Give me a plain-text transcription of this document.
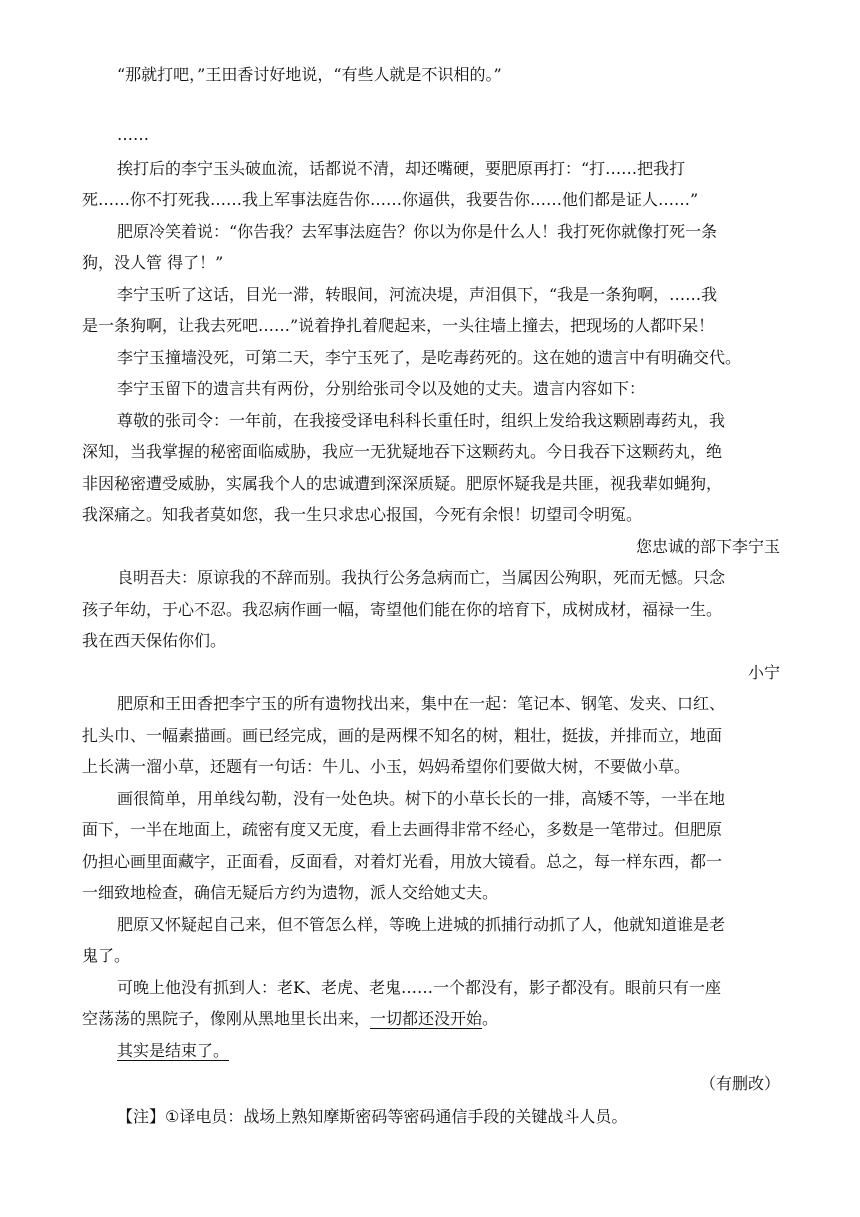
“那就打吧，”王田香讨好地说，“有些人就是不识相的。”
……
挨打后的李宁玉头破血流，话都说不清，却还嘴硬，要肥原再打：“打……把我打
死……你不打死我……我上军事法庭告你……你逼供，我要告你……他们都是证人……”
肥原冷笑着说：“你告我？去军事法庭告？你以为你是什么人！我打死你就像打死一条
狗，没人管 得了！”
李宁玉听了这话，目光一滞，转眼间，河流决堤，声泪俱下，“我是一条狗啊，……我
是一条狗啊，让我去死吧……”说着挣扎着爬起来，一头往墙上撞去，把现场的人都吓呆！
李宁玉撞墙没死，可第二天，李宁玉死了，是吃毒药死的。这在她的遗言中有明确交代。
李宁玉留下的遗言共有两份，分别给张司令以及她的丈夫。遗言内容如下：
尊敬的张司令：一年前，在我接受译电科科长重任时，组织上发给我这颗剧毒药丸，我
深知，当我掌握的秘密面临威胁，我应一无犹疑地吞下这颗药丸。今日我吞下这颗药丸，绝
非因秘密遭受威胁，实属我个人的忠诚遭到深深质疑。肥原怀疑我是共匪，视我辈如蝇狗，
我深痛之。知我者莫如您，我一生只求忠心报国，今死有余恨！切望司令明冤。
您忠诚的部下李宁玉
良明吾夫：原谅我的不辞而别。我执行公务急病而亡，当属因公殉职，死而无憾。只念
孩子年幼，于心不忍。我忍病作画一幅，寄望他们能在你的培育下，成树成材，福禄一生。
我在西天保佑你们。
小宁
肥原和王田香把李宁玉的所有遗物找出来，集中在一起：笔记本、钢笔、发夹、口红、
扎头巾、一幅素描画。画已经完成，画的是两棵不知名的树，粗壮，挺拔，并排而立，地面
上长满一溜小草，还题有一句话：牛儿、小玉，妈妈希望你们要做大树，不要做小草。
画很简单，用单线勾勒，没有一处色块。树下的小草长长的一排，高矮不等，一半在地
面下，一半在地面上，疏密有度又无度，看上去画得非常不经心，多数是一笔带过。但肥原
仍担心画里面藏字，正面看，反面看，对着灯光看，用放大镜看。总之，每一样东西，都一
一细致地检查，确信无疑后方约为遗物，派人交给她丈夫。
肥原又怀疑起自己来，但不管怎么样，等晚上进城的抓捕行动抓了人，他就知道谁是老
鬼了。
可晚上他没有抓到人：老K、老虎、老鬼……一个都没有，影子都没有。眼前只有一座
空荡荡的黑院子，像刚从黑地里长出来，一切都还没开始。
其实是结束了。
（有删改）
【注】①译电员：战场上熟知摩斯密码等密码通信手段的关键战斗人员。
